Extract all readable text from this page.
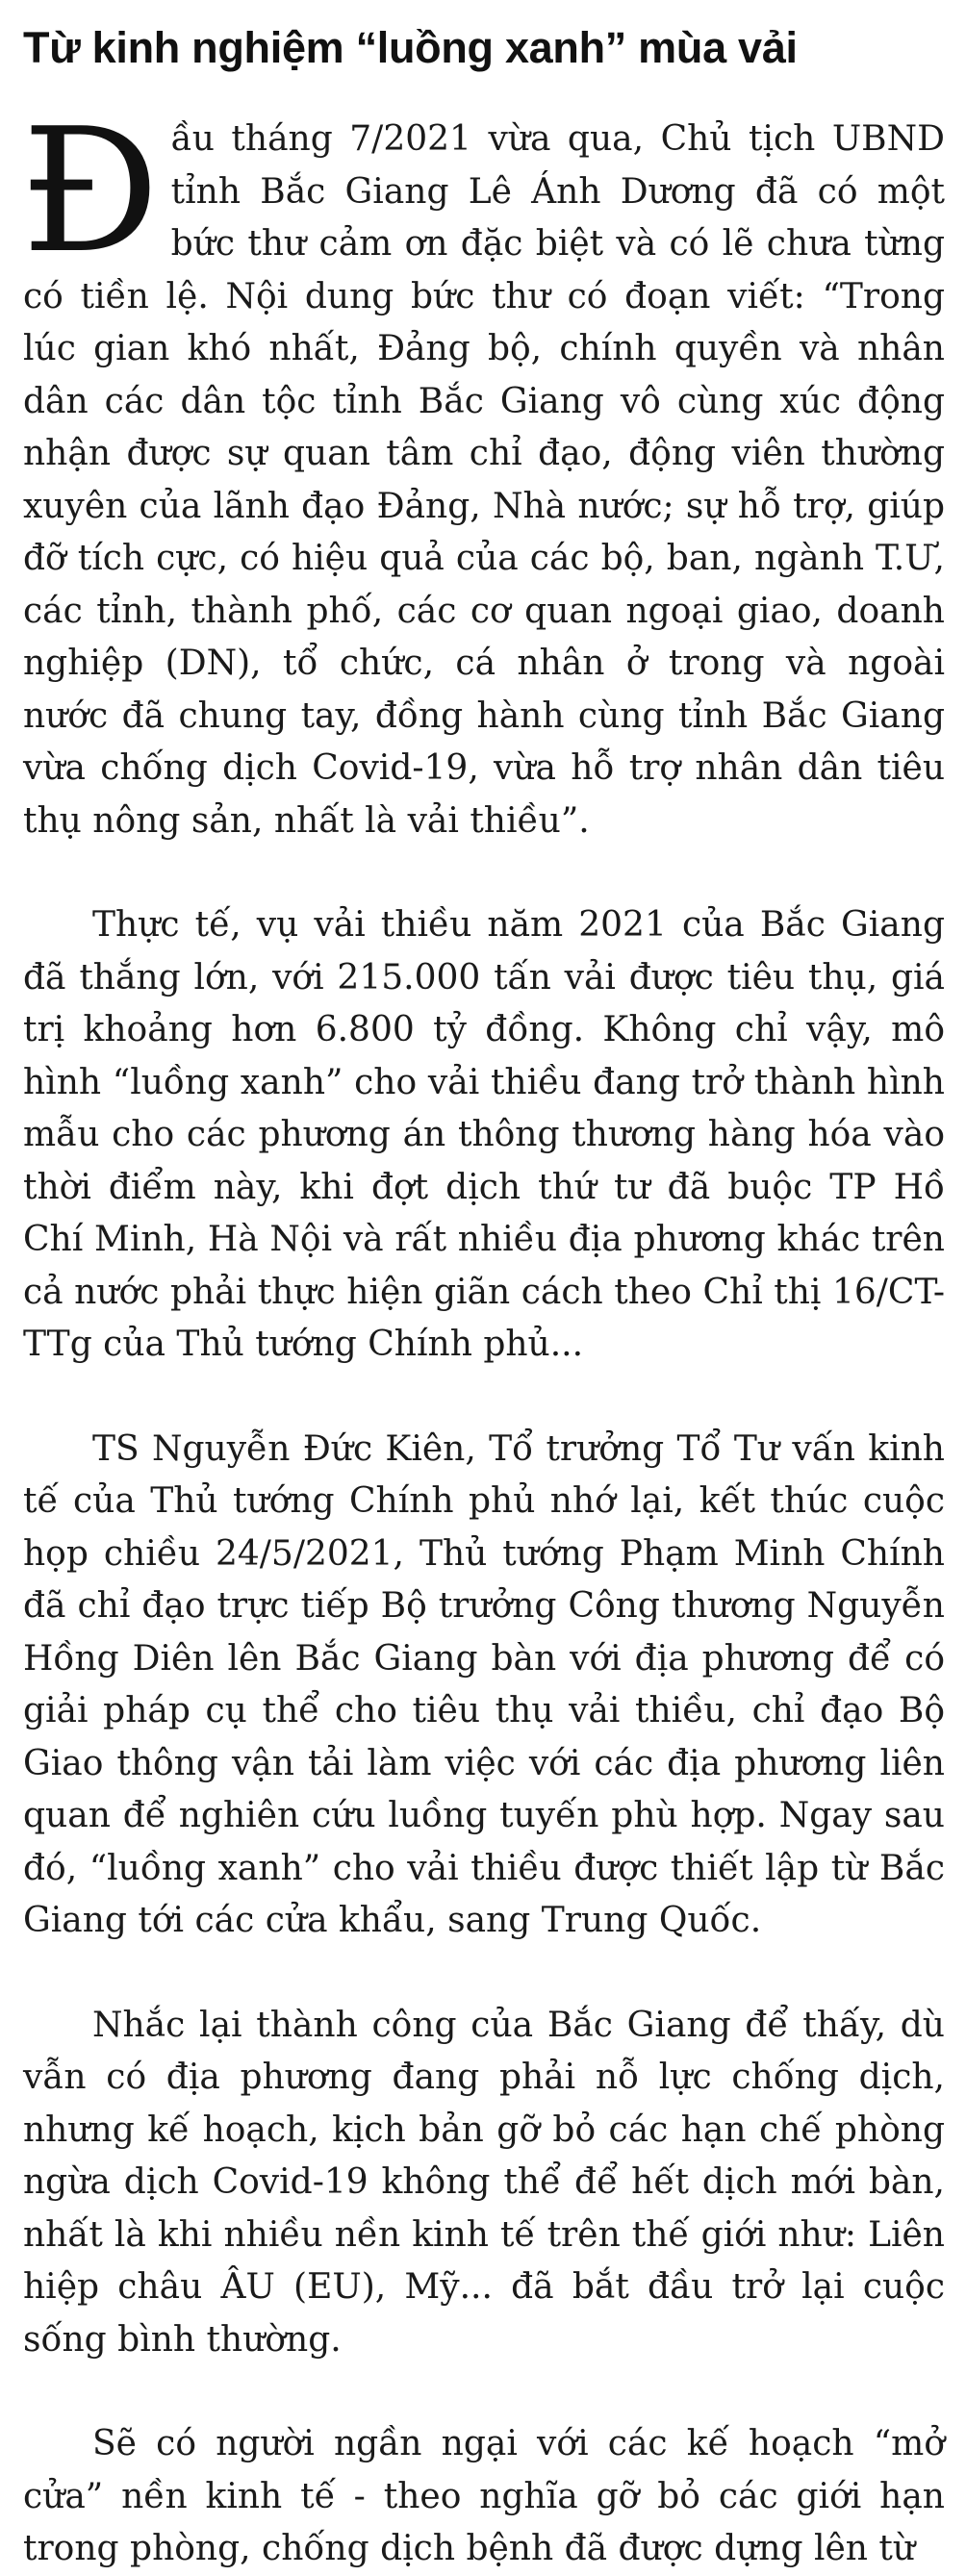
Từ kinh nghiệm “luồng xanh” mùa vải

Đầu tháng 7/2021 vừa qua, Chủ tịch UBND tỉnh Bắc Giang Lê Ánh Dương đã có một bức thư cảm ơn đặc biệt và có lẽ chưa từng có tiền lệ. Nội dung bức thư có đoạn viết: “Trong lúc gian khó nhất, Đảng bộ, chính quyền và nhân dân các dân tộc tỉnh Bắc Giang vô cùng xúc động nhận được sự quan tâm chỉ đạo, động viên thường xuyên của lãnh đạo Đảng, Nhà nước; sự hỗ trợ, giúp đỡ tích cực, có hiệu quả của các bộ, ban, ngành T.Ư, các tỉnh, thành phố, các cơ quan ngoại giao, doanh nghiệp (DN), tổ chức, cá nhân ở trong và ngoài nước đã chung tay, đồng hành cùng tỉnh Bắc Giang vừa chống dịch Covid-19, vừa hỗ trợ nhân dân tiêu thụ nông sản, nhất là vải thiều”.

Thực tế, vụ vải thiều năm 2021 của Bắc Giang đã thắng lớn, với 215.000 tấn vải được tiêu thụ, giá trị khoảng hơn 6.800 tỷ đồng. Không chỉ vậy, mô hình “luồng xanh” cho vải thiều đang trở thành hình mẫu cho các phương án thông thương hàng hóa vào thời điểm này, khi đợt dịch thứ tư đã buộc TP Hồ Chí Minh, Hà Nội và rất nhiều địa phương khác trên cả nước phải thực hiện giãn cách theo Chỉ thị 16/CT-TTg của Thủ tướng Chính phủ...

TS Nguyễn Đức Kiên, Tổ trưởng Tổ Tư vấn kinh tế của Thủ tướng Chính phủ nhớ lại, kết thúc cuộc họp chiều 24/5/2021, Thủ tướng Phạm Minh Chính đã chỉ đạo trực tiếp Bộ trưởng Công thương Nguyễn Hồng Diên lên Bắc Giang bàn với địa phương để có giải pháp cụ thể cho tiêu thụ vải thiều, chỉ đạo Bộ Giao thông vận tải làm việc với các địa phương liên quan để nghiên cứu luồng tuyến phù hợp. Ngay sau đó, “luồng xanh” cho vải thiều được thiết lập từ Bắc Giang tới các cửa khẩu, sang Trung Quốc.

Nhắc lại thành công của Bắc Giang để thấy, dù vẫn có địa phương đang phải nỗ lực chống dịch, nhưng kế hoạch, kịch bản gỡ bỏ các hạn chế phòng ngừa dịch Covid-19 không thể để hết dịch mới bàn, nhất là khi nhiều nền kinh tế trên thế giới như: Liên hiệp châu ÂU (EU), Mỹ... đã bắt đầu trở lại cuộc sống bình thường.

Sẽ có người ngần ngại với các kế hoạch “mở cửa” nền kinh tế - theo nghĩa gỡ bỏ các giới hạn trong phòng, chống dịch bệnh đã được dựng lên từ
